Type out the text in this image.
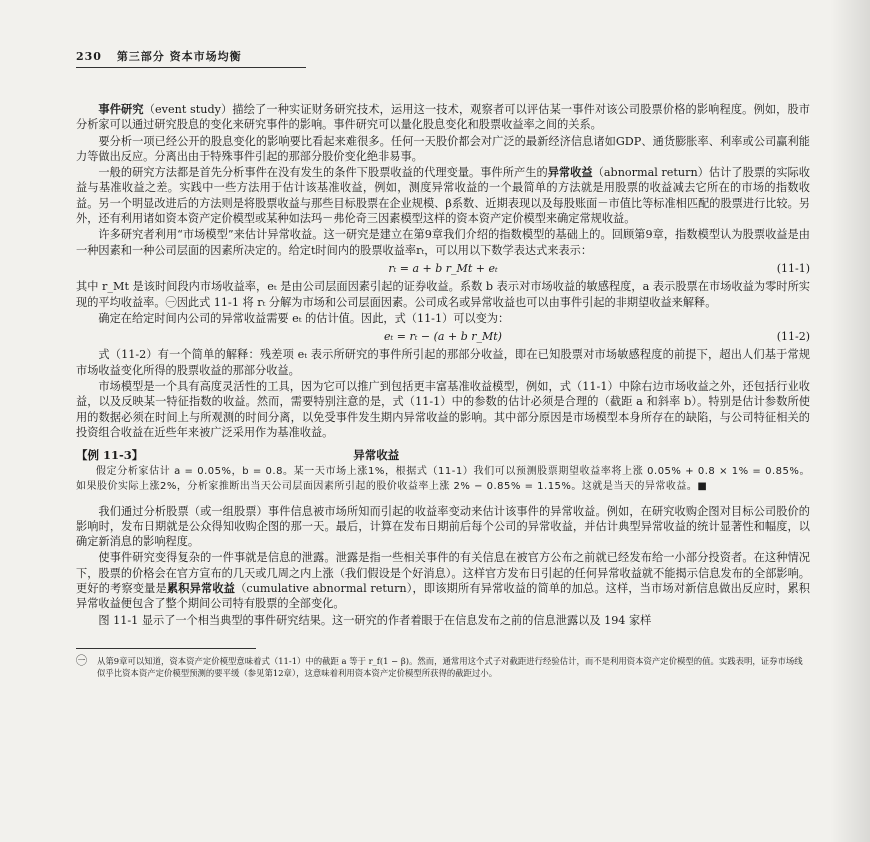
230 第三部分 资本市场均衡

事件研究（event study）描绘了一种实证财务研究技术，运用这一技术，观察者可以评估某一事件对该公司股票价格的影响程度。例如，股市分析家可以通过研究股息的变化来研究事件的影响。事件研究可以量化股息变化和股票收益率之间的关系。

要分析一项已经公开的股息变化的影响要比看起来难很多。任何一天股价都会对广泛的最新经济信息诸如GDP、通货膨胀率、利率或公司赢利能力等做出反应。分离出由于特殊事件引起的那部分股价变化绝非易事。

一般的研究方法都是首先分析事件在没有发生的条件下股票收益的代理变量。事件所产生的异常收益（abnormal return）估计了股票的实际收益与基准收益之差。实践中一些方法用于估计该基准收益，例如，测度异常收益的一个最简单的方法就是用股票的收益减去它所在的市场的指数收益。另一个明显改进后的方法则是将股票收益与那些目标股票在企业规模、β系数、近期表现以及每股账面－市值比等标准相匹配的股票进行比较。另外，还有利用诸如资本资产定价模型或某种如法玛－弗伦奇三因素模型这样的资本资产定价模型来确定常规收益。

许多研究者利用“市场模型”来估计异常收益。这一研究是建立在第9章我们介绍的指数模型的基础上的。回顾第9章，指数模型认为股票收益是由一种因素和一种公司层面的因素所决定的。给定t时间内的股票收益率rₜ，可以用以下数学表达式来表示：

rₜ = a + b r_Mt + eₜ	(11-1)

其中 r_Mt 是该时间段内市场收益率，eₜ 是由公司层面因素引起的证券收益。系数 b 表示对市场收益的敏感程度，a 表示股票在市场收益为零时所实现的平均收益率。㊀因此式 11-1 将 rₜ 分解为市场和公司层面因素。公司成名或异常收益也可以由事件引起的非期望收益来解释。

确定在给定时间内公司的异常收益需要 eₜ 的估计值。因此，式（11-1）可以变为：

eₜ = rₜ − (a + b r_Mt)	(11-2)

式（11-2）有一个简单的解释：残差项 eₜ 表示所研究的事件所引起的那部分收益，即在已知股票对市场敏感程度的前提下，超出人们基于常规市场收益变化所得的股票收益的那部分收益。

市场模型是一个具有高度灵活性的工具，因为它可以推广到包括更丰富基准收益模型，例如，式（11-1）中除右边市场收益之外，还包括行业收益，以及反映某一特征指数的收益。然而，需要特别注意的是，式（11-1）中的参数的估计必须是合理的（截距 a 和斜率 b）。特别是估计参数所使用的数据必须在时间上与所观测的时间分离，以免受事件发生期内异常收益的影响。其中部分原因是市场模型本身所存在的缺陷，与公司特征相关的投资组合收益在近些年来被广泛采用作为基准收益。

【例 11-3】	异常收益

假定分析家估计 a = 0.05%，b = 0.8。某一天市场上涨1%，根据式（11-1）我们可以预测股票期望收益率将上涨 0.05% + 0.8 × 1% = 0.85%。如果股价实际上涨2%，分析家推断出当天公司层面因素所引起的股价收益率上涨 2% − 0.85% = 1.15%。这就是当天的异常收益。■

我们通过分析股票（或一组股票）事件信息被市场所知而引起的收益率变动来估计该事件的异常收益。例如，在研究收购企图对目标公司股价的影响时，发布日期就是公众得知收购企图的那一天。最后，计算在发布日期前后每个公司的异常收益，并估计典型异常收益的统计显著性和幅度，以确定新消息的影响程度。

使事件研究变得复杂的一件事就是信息的泄露。泄露是指一些相关事件的有关信息在被官方公布之前就已经发布给一小部分投资者。在这种情况下，股票的价格会在官方宣布的几天或几周之内上涨（我们假设是个好消息）。这样官方发布日引起的任何异常收益就不能揭示信息发布的全部影响。更好的考察变量是累积异常收益（cumulative abnormal return），即该期所有异常收益的简单的加总。这样，当市场对新信息做出反应时，累积异常收益便包含了整个期间公司特有股票的全部变化。

图 11-1 显示了一个相当典型的事件研究结果。这一研究的作者着眼于在信息发布之前的信息泄露以及 194 家样

㊀ 从第9章可以知道，资本资产定价模型意味着式（11-1）中的截距 a 等于 r_f(1 − β)。然而，通常用这个式子对截距进行经验估计，而不是利用资本资产定价模型的值。实践表明，证券市场线似乎比资本资产定价模型预测的要平缓（参见第12章），这意味着利用资本资产定价模型所获得的截距过小。
